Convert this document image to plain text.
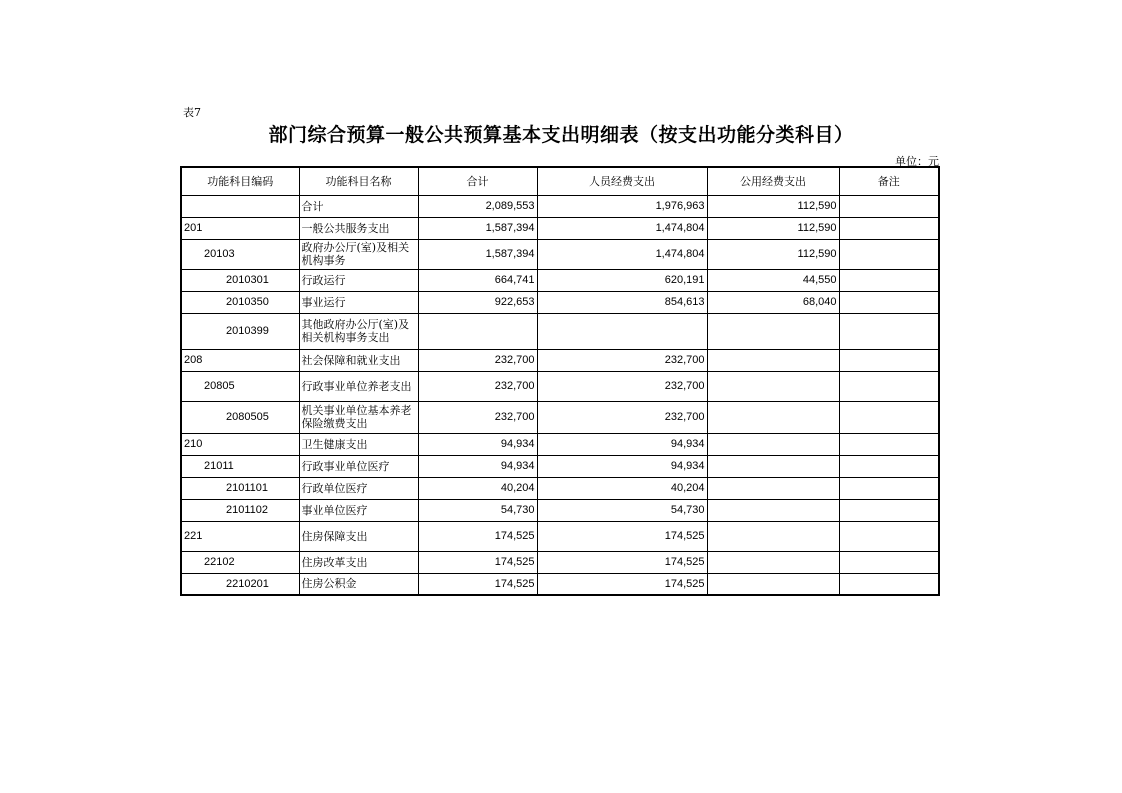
表7
部门综合预算一般公共预算基本支出明细表（按支出功能分类科目）
单位：元
功能科目编码	功能科目名称	合计	人员经费支出	公用经费支出	备注
	合计	2,089,553	1,976,963	112,590	
201	一般公共服务支出	1,587,394	1,474,804	112,590	
20103	政府办公厅(室)及相关机构事务	1,587,394	1,474,804	112,590	
2010301	行政运行	664,741	620,191	44,550	
2010350	事业运行	922,653	854,613	68,040	
2010399	其他政府办公厅(室)及相关机构事务支出				
208	社会保障和就业支出	232,700	232,700		
20805	行政事业单位养老支出	232,700	232,700		
2080505	机关事业单位基本养老保险缴费支出	232,700	232,700		
210	卫生健康支出	94,934	94,934		
21011	行政事业单位医疗	94,934	94,934		
2101101	行政单位医疗	40,204	40,204		
2101102	事业单位医疗	54,730	54,730		
221	住房保障支出	174,525	174,525		
22102	住房改革支出	174,525	174,525		
2210201	住房公积金	174,525	174,525		
